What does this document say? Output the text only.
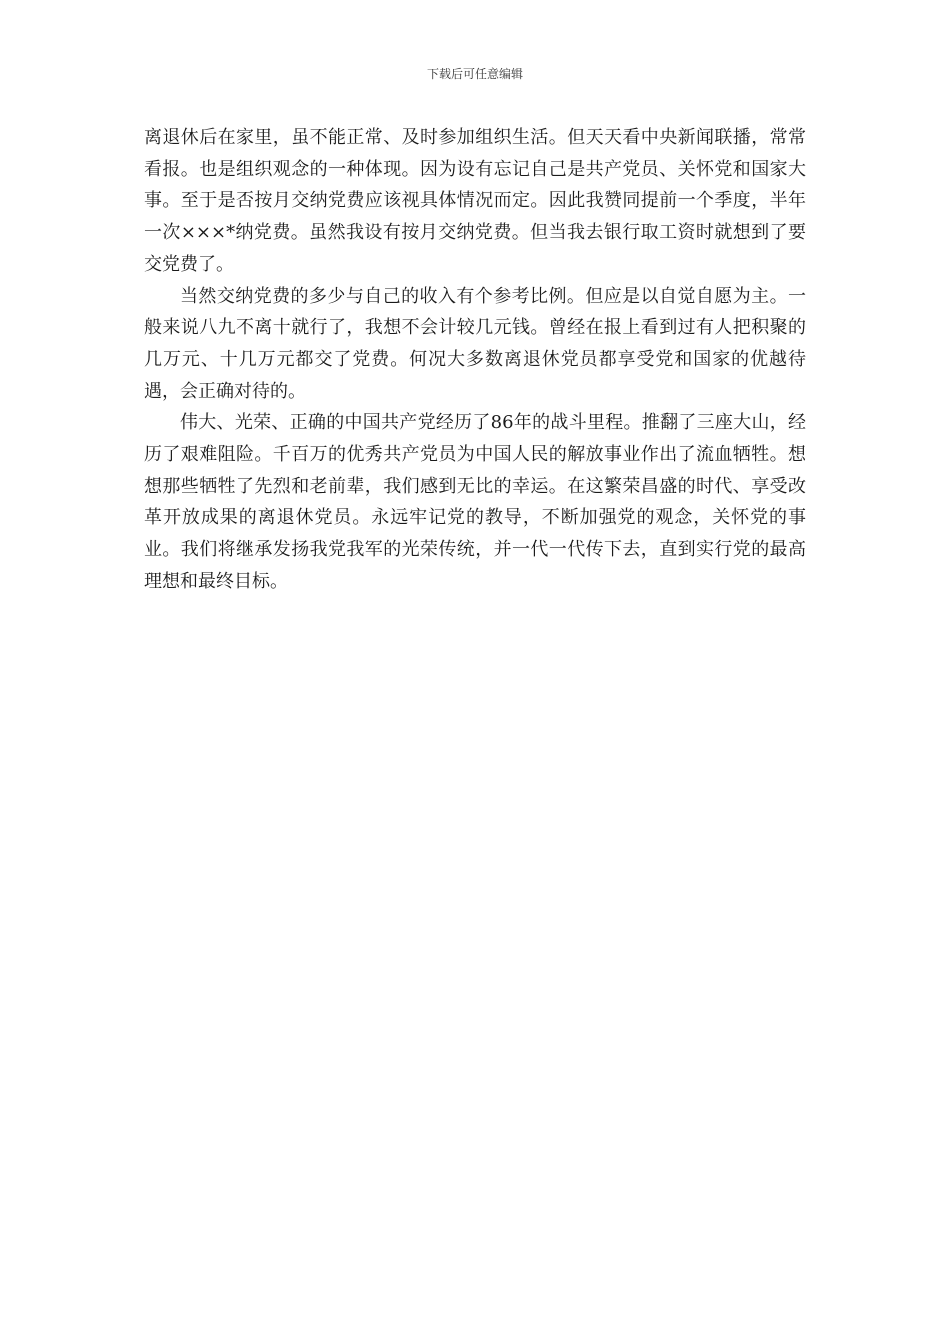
下载后可任意编辑

离退休后在家里，虽不能正常、及时参加组织生活。但天天看中央新闻联播，常常看报。也是组织观念的一种体现。因为设有忘记自己是共产党员、关怀党和国家大事。至于是否按月交纳党费应该视具体情况而定。因此我赞同提前一个季度，半年一次×××*纳党费。虽然我设有按月交纳党费。但当我去银行取工资时就想到了要交党费了。

当然交纳党费的多少与自己的收入有个参考比例。但应是以自觉自愿为主。一般来说八九不离十就行了，我想不会计较几元钱。曾经在报上看到过有人把积聚的几万元、十几万元都交了党费。何况大多数离退休党员都享受党和国家的优越待遇，会正确对待的。

伟大、光荣、正确的中国共产党经历了86年的战斗里程。推翻了三座大山，经历了艰难阻险。千百万的优秀共产党员为中国人民的解放事业作出了流血牺牲。想想那些牺牲了先烈和老前辈，我们感到无比的幸运。在这繁荣昌盛的时代、享受改革开放成果的离退休党员。永远牢记党的教导，不断加强党的观念，关怀党的事业。我们将继承发扬我党我军的光荣传统，并一代一代传下去，直到实行党的最高理想和最终目标。
